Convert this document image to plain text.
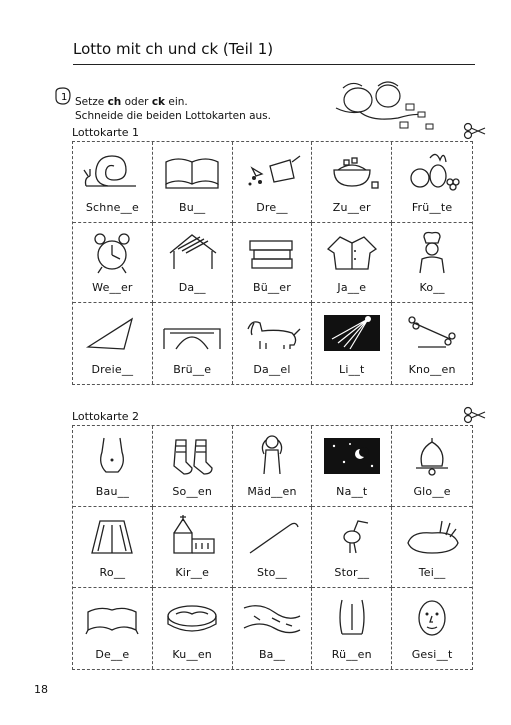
Lotto mit ch und ck (Teil 1)
1 Setze ch oder ck ein.
Schneide die beiden Lottokarten aus.
Lottokarte 1
Schne__e	Bu__	Dre__	Zu__er	Frü__te
We__er	Da__	Bü__er	Ja__e	Ko__
Dreie__	Brü__e	Da__el	Li__t	Kno__en
Lottokarte 2
Bau__	So__en	Mäd__en	Na__t	Glo__e
Ro__	Kir__e	Sto__	Stor__	Tei__
De__e	Ku__en	Ba__	Rü__en	Gesi__t
18
